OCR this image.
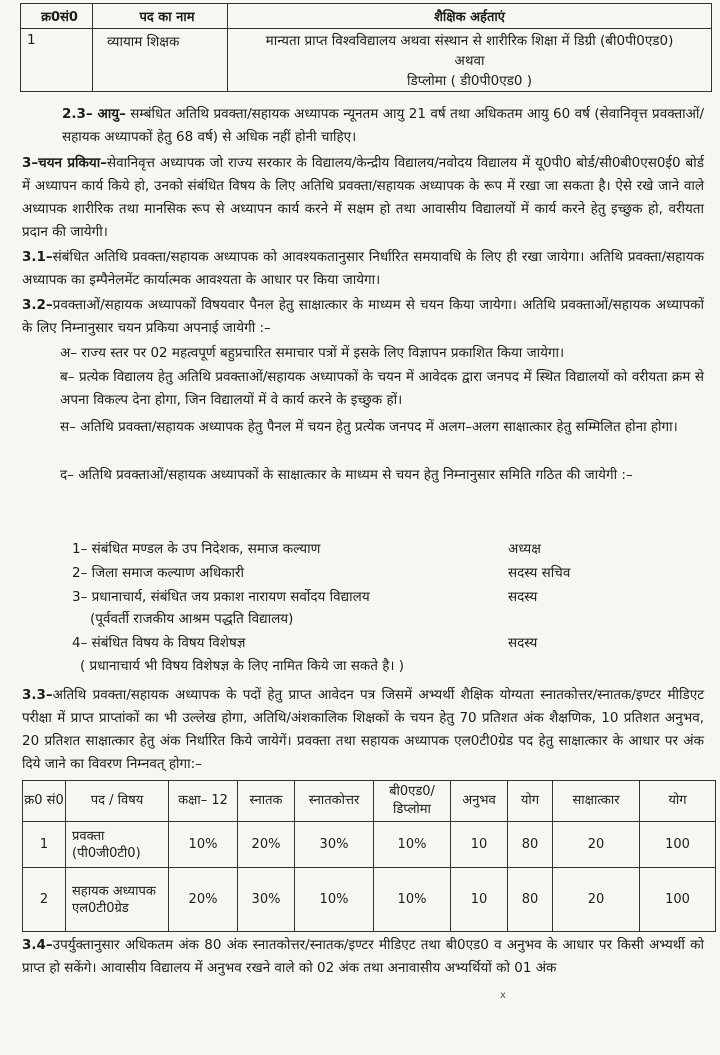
क्र0सं0	पद का नाम	शैक्षिक अर्हताएं
1	व्यायाम शिक्षक	मान्यता प्राप्त विश्वविद्यालय अथवा संस्थान से शारीरिक शिक्षा में डिग्री (बी0पी0एड0)
अथवा
डिप्लोमा ( डी0पी0एड0 )
2.3– आयु– सम्बंधित अतिथि प्रवक्ता/सहायक अध्यापक न्यूनतम आयु 21 वर्ष तथा अधिकतम आयु 60 वर्ष (सेवानिवृत्त प्रवक्ताओं/सहायक अध्यापकों हेतु 68 वर्ष) से अधिक नहीं होनी चाहिए।
3–चयन प्रकिया–सेवानिवृत्त अध्यापक जो राज्य सरकार के विद्यालय/केन्द्रीय विद्यालय/नवोदय विद्यालय में यू0पी0 बोर्ड/सी0बी0एस0ई0 बोर्ड में अध्यापन कार्य किये हो, उनको संबंधित विषय के लिए अतिथि प्रवक्ता/सहायक अध्यापक के रूप में रखा जा सकता है। ऐसे रखे जाने वाले अध्यापक शारीरिक तथा मानसिक रूप से अध्यापन कार्य करने में सक्षम हो तथा आवासीय विद्यालयों में कार्य करने हेतु इच्छुक हो, वरीयता प्रदान की जायेगी।
3.1–संबंधित अतिथि प्रवक्ता/सहायक अध्यापक को आवश्यकतानुसार निर्धारित समयावधि के लिए ही रखा जायेगा। अतिथि प्रवक्ता/सहायक अध्यापक का इम्पैनेलमेंट कार्यात्मक आवश्यता के आधार पर किया जायेगा।
3.2–प्रवक्ताओं/सहायक अध्यापकों विषयवार पैनल हेतु साक्षात्कार के माध्यम से चयन किया जायेगा। अतिथि प्रवक्ताओं/सहायक अध्यापकों के लिए निम्नानुसार चयन प्रकिया अपनाई जायेगी :–
अ– राज्य स्तर पर 02 महत्वपूर्ण बहुप्रचारित समाचार पत्रों में इसके लिए विज्ञापन प्रकाशित किया जायेगा।
ब– प्रत्येक विद्यालय हेतु अतिथि प्रवक्ताओं/सहायक अध्यापकों के चयन में आवेदक द्वारा जनपद में स्थित विद्यालयों को वरीयता क्रम से अपना विकल्प देना होगा, जिन विद्यालयों में वे कार्य करने के इच्छुक हों।
स– अतिथि प्रवक्ता/सहायक अध्यापक हेतु पैनल में चयन हेतु प्रत्येक जनपद में अलग–अलग साक्षात्कार हेतु सम्मिलित होना होगा।
द– अतिथि प्रवक्ताओं/सहायक अध्यापकों के साक्षात्कार के माध्यम से चयन हेतु निम्नानुसार समिति गठित की जायेगी :–
1– संबंधित मण्डल के उप निदेशक, समाज कल्याण	अध्यक्ष
2– जिला समाज कल्याण अधिकारी	सदस्य सचिव
3– प्रधानाचार्य, संबंधित जय प्रकाश नारायण सर्वोदय विद्यालय	सदस्य
(पूर्ववर्ती राजकीय आश्रम पद्धति विद्यालय)
4– संबंधित विषय के विषय विशेषज्ञ	सदस्य
( प्रधानाचार्य भी विषय विशेषज्ञ के लिए नामित किये जा सकते है। )
3.3–अतिथि प्रवक्ता/सहायक अध्यापक के पदों हेतु प्राप्त आवेदन पत्र जिसमें अभ्यर्थी शैक्षिक योग्यता स्नातकोत्तर/स्नातक/इण्टर मीडिएट परीक्षा में प्राप्त प्राप्तांकों का भी उल्लेख होगा, अतिथि/अंशकालिक शिक्षकों के चयन हेतु 70 प्रतिशत अंक शैक्षणिक, 10 प्रतिशत अनुभव, 20 प्रतिशत साक्षात्कार हेतु अंक निर्धारित किये जायेगें। प्रवक्ता तथा सहायक अध्यापक एल0टी0ग्रेड पद हेतु साक्षात्कार के आधार पर अंक दिये जाने का विवरण निम्नवत् होगा:–
क्र0 सं0	पद / विषय	कक्षा– 12	स्नातक	स्नातकोत्तर	बी0एड0/ डिप्लोमा	अनुभव	योग	साक्षात्कार	योग
1	प्रवक्ता (पी0जी0टी0)	10%	20%	30%	10%	10	80	20	100
2	सहायक अध्यापक एल0टी0ग्रेड	20%	30%	10%	10%	10	80	20	100
3.4–उपर्युक्तानुसार अधिकतम अंक 80 अंक स्नातकोत्तर/स्नातक/इण्टर मीडिएट तथा बी0एड0 व अनुभव के आधार पर किसी अभ्यर्थी को प्राप्त हो सकेंगे। आवासीय विद्यालय में अनुभव रखने वाले को 02 अंक तथा अनावासीय अभ्यर्थियों को 01 अंक
x
